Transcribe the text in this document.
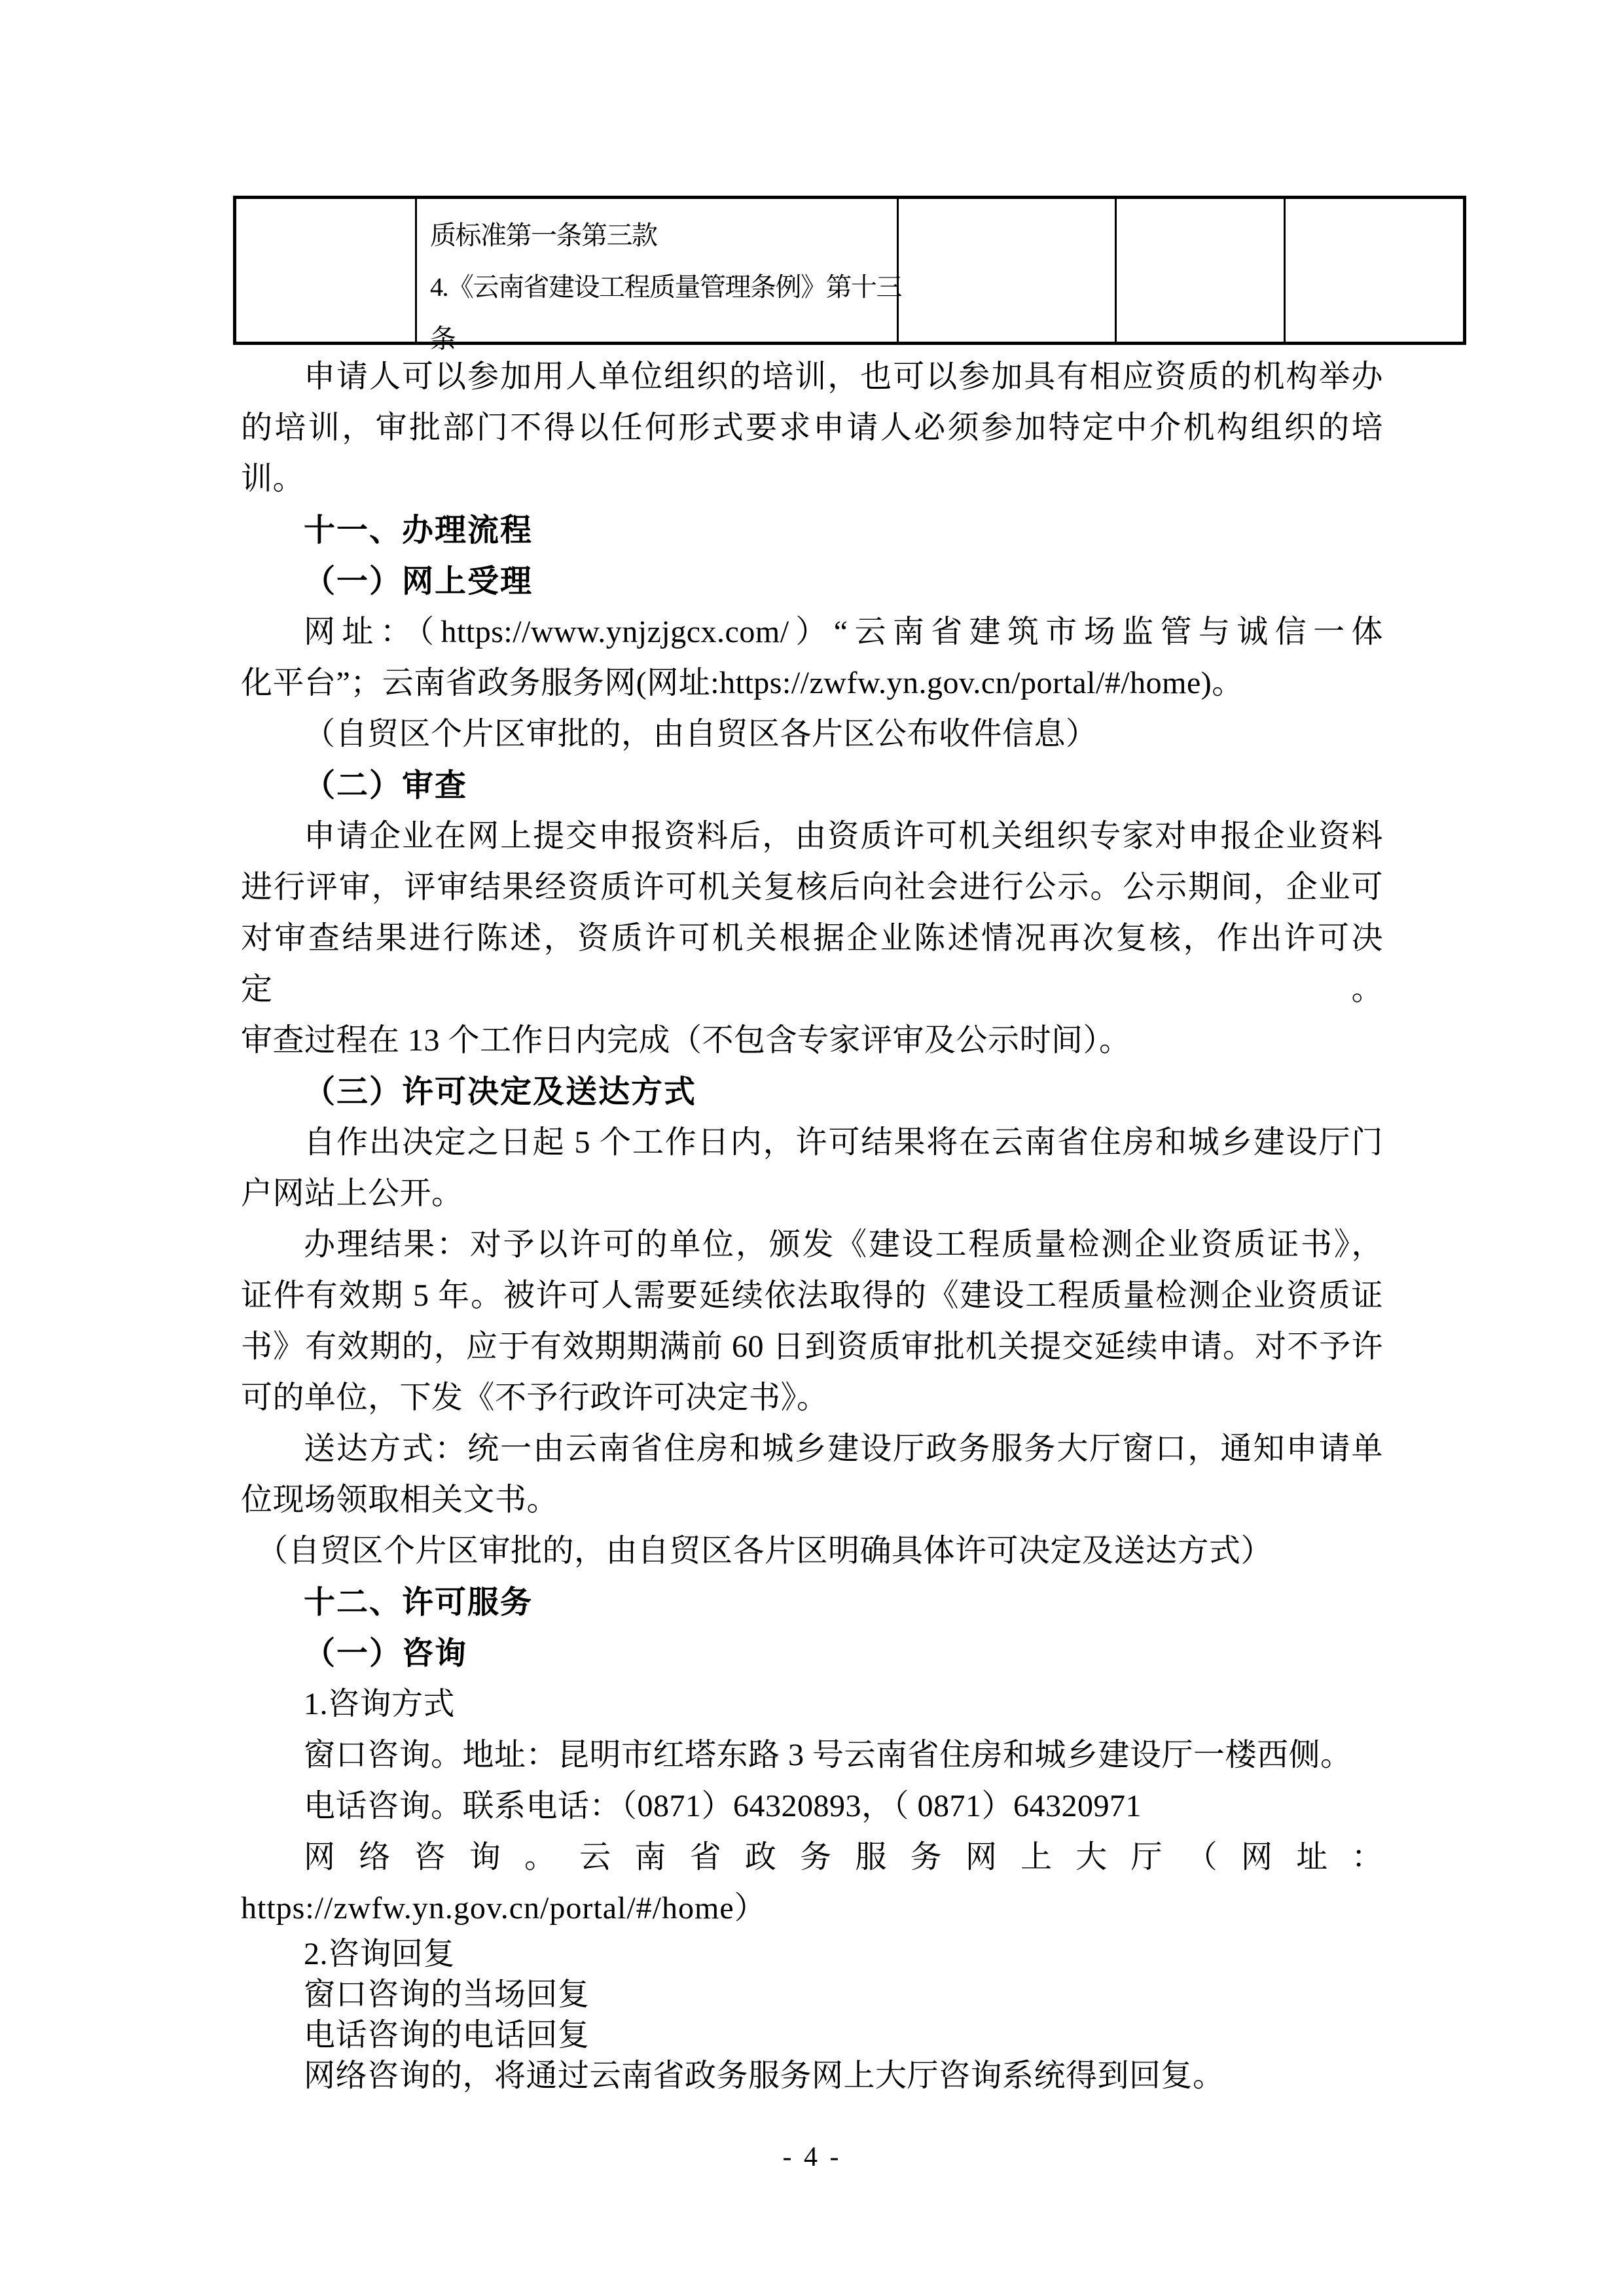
质标准第一条第三款
4.《云南省建设工程质量管理条例》第十三
条
申请人可以参加用人单位组织的培训，也可以参加具有相应资质的机构举办
的培训，审批部门不得以任何形式要求申请人必须参加特定中介机构组织的培
训。
十一、办理流程
（一）网上受理
网址：（https://www.ynjzjgcx.com/）“云南省建筑市场监管与诚信一体
化平台”；云南省政务服务网(网址:https://zwfw.yn.gov.cn/portal/#/home)。
（自贸区个片区审批的，由自贸区各片区公布收件信息）
（二）审查
申请企业在网上提交申报资料后，由资质许可机关组织专家对申报企业资料
进行评审，评审结果经资质许可机关复核后向社会进行公示。公示期间，企业可
对审查结果进行陈述，资质许可机关根据企业陈述情况再次复核，作出许可决定。
审查过程在 13 个工作日内完成（不包含专家评审及公示时间）。
（三）许可决定及送达方式
自作出决定之日起 5 个工作日内，许可结果将在云南省住房和城乡建设厅门
户网站上公开。
办理结果：对予以许可的单位，颁发《建设工程质量检测企业资质证书》，
证件有效期 5 年。被许可人需要延续依法取得的《建设工程质量检测企业资质证
书》有效期的，应于有效期期满前 60 日到资质审批机关提交延续申请。对不予许
可的单位，下发《不予行政许可决定书》。
送达方式：统一由云南省住房和城乡建设厅政务服务大厅窗口，通知申请单
位现场领取相关文书。
（自贸区个片区审批的，由自贸区各片区明确具体许可决定及送达方式）
十二、许可服务
（一）咨询
1.咨询方式
窗口咨询。地址：昆明市红塔东路 3 号云南省住房和城乡建设厅一楼西侧。
电话咨询。联系电话：（0871）64320893，（ 0871）64320971
网络咨询。云南省政务服务网上大厅（网址：
https://zwfw.yn.gov.cn/portal/#/home）
2.咨询回复
窗口咨询的当场回复
电话咨询的电话回复
网络咨询的，将通过云南省政务服务网上大厅咨询系统得到回复。
- 4 -
